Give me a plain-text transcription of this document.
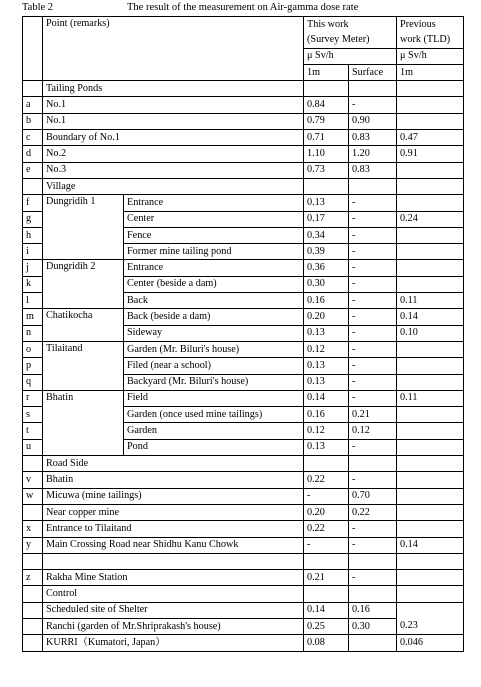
Table 2	The result of the measurement on Air-gamma dose rate
	Point (remarks)		This work		Previous
			(Survey Meter)		work (TLD)
			μ Sv/h		μ Sv/h
			1m	Surface	1m
	Tailing Ponds				
a	No.1		0.84	-	
b	No.1		0.79	0.90	
c	Boundary of No.1		0.71	0.83	0.47
d	No.2		1.10	1.20	0.91
e	No.3		0.73	0.83	
	Village				
f	Dungridih 1	Entrance	0.13	-	
g		Center	0.17	-	0.24
h		Fence	0.34	-	
i		Former mine tailing pond	0.39	-	
j	Dungridih 2	Entrance	0.36	-	
k		Center (beside a dam)	0.30	-	
l		Back	0.16	-	0.11
m	Chatikocha	Back (beside a dam)	0.20	-	0.14
n		Sideway	0.13	-	0.10
o	Tilaitand	Garden (Mr. Biluri's house)	0.12	-	
p		Filed (near a school)	0.13	-	
q		Backyard (Mr. Biluri's house)	0.13	-	
r	Bhatin	Field	0.14	-	0.11
s		Garden (once used mine tailings)	0.16	0.21	
t		Garden	0.12	0.12	
u		Pond	0.13	-	
	Road Side				
v	Bhatin		0.22	-	
w	Micuwa (mine tailings)		-	0.70	
	Near copper mine		0.20	0.22	
x	Entrance to Tilaitand		0.22	-	
y	Main Crossing Road near Shidhu Kanu Chowk		-	-	0.14

z	Rakha Mine Station		0.21	-	
	Control				
	Scheduled site of Shelter		0.14	0.16	
	Ranchi (garden of Mr.Shriprakash's house)		0.25	0.30	0.23
	KURRI（Kumatori, Japan）		0.08		0.046
